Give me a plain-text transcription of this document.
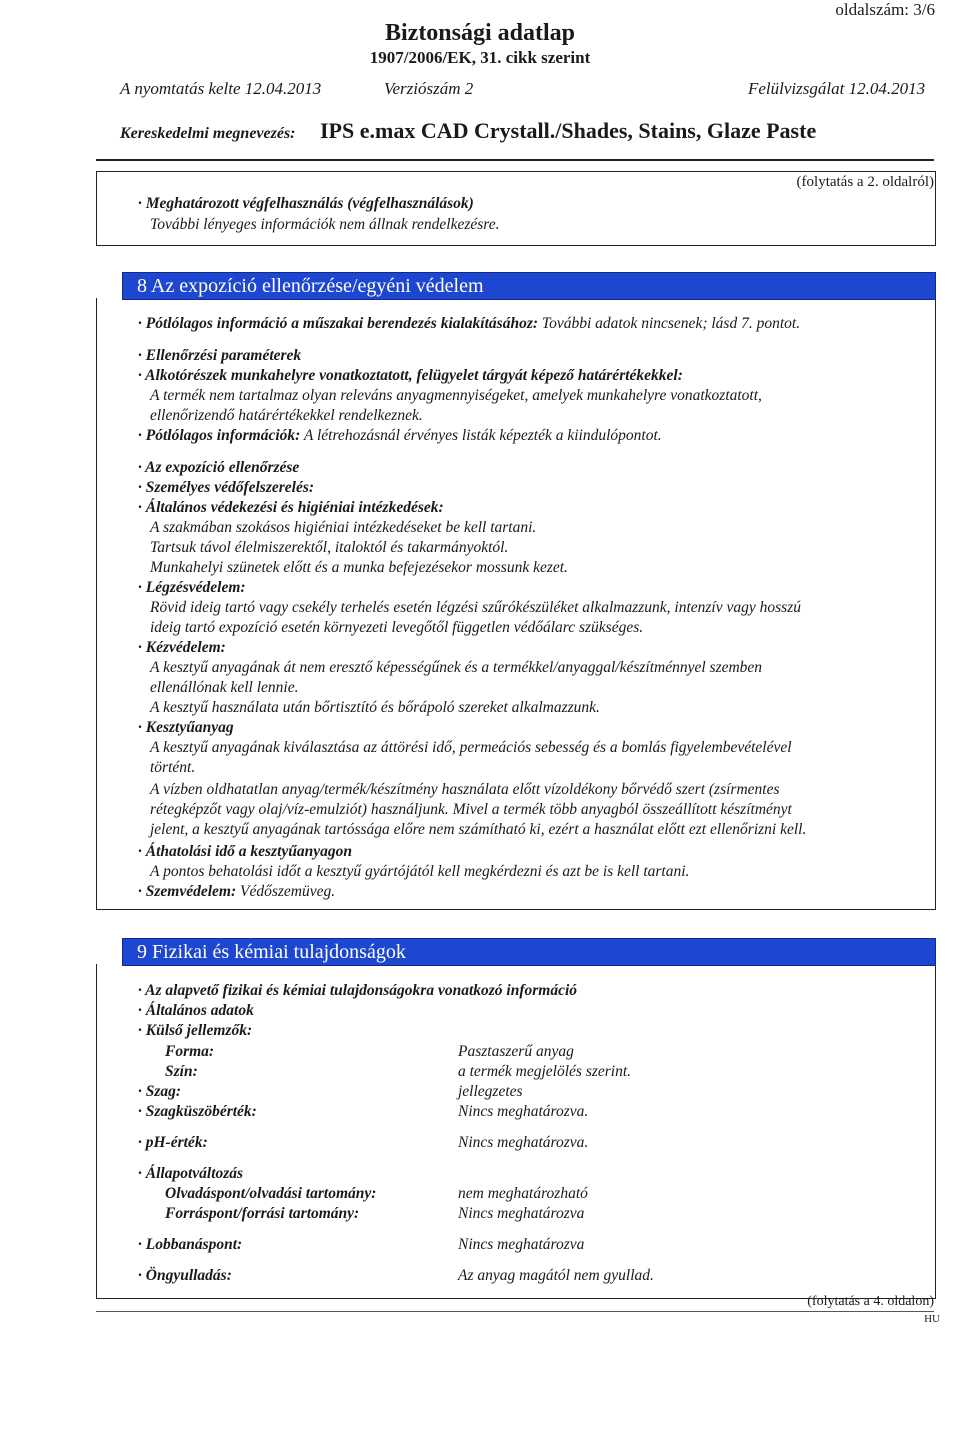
oldalszám: 3/6
Biztonsági adatlap
1907/2006/EK, 31. cikk szerint
A nyomtatás kelte 12.04.2013	Verziószám 2	Felülvizsgálat 12.04.2013
Kereskedelmi megnevezés: IPS e.max CAD Crystall./Shades, Stains, Glaze Paste
(folytatás a 2. oldalról)
· Meghatározott végfelhasználás (végfelhasználások)
További lényeges információk nem állnak rendelkezésre.
8 Az expozíció ellenőrzése/egyéni védelem
· Pótlólagos információ a műszakai berendezés kialakításához: További adatok nincsenek; lásd 7. pontot.
· Ellenőrzési paraméterek
· Alkotórészek munkahelyre vonatkoztatott, felügyelet tárgyát képező határértékekkel:
A termék nem tartalmaz olyan releváns anyagmennyiségeket, amelyek munkahelyre vonatkoztatott,
ellenőrizendő határértékekkel rendelkeznek.
· Pótlólagos információk: A létrehozásnál érvényes listák képezték a kiindulópontot.
· Az expozíció ellenőrzése
· Személyes védőfelszerelés:
· Általános védekezési és higiéniai intézkedések:
A szakmában szokásos higiéniai intézkedéseket be kell tartani.
Tartsuk távol élelmiszerektől, italoktól és takarmányoktól.
Munkahelyi szünetek előtt és a munka befejezésekor mossunk kezet.
· Légzésvédelem:
Rövid ideig tartó vagy csekély terhelés esetén légzési szűrókészüléket alkalmazzunk, intenzív vagy hosszú
ideig tartó expozíció esetén környezeti levegőtől független védőálarc szükséges.
· Kézvédelem:
A kesztyű anyagának át nem eresztő képességűnek és a termékkel/anyaggal/készítménnyel szemben
ellenállónak kell lennie.
A kesztyű használata után bőrtisztító és bőrápoló szereket alkalmazzunk.
· Kesztyűanyag
A kesztyű anyagának kiválasztása az áttörési idő, permeációs sebesség és a bomlás figyelembevételével
történt.
A vízben oldhatatlan anyag/termék/készítmény használata előtt vízoldékony bőrvédő szert (zsírmentes
rétegképzőt vagy olaj/víz-emulziót) használjunk. Mivel a termék több anyagból összeállított készítményt
jelent, a kesztyű anyagának tartóssága előre nem számítható ki, ezért a használat előtt ezt ellenőrizni kell.
· Áthatolási idő a kesztyűanyagon
A pontos behatolási időt a kesztyű gyártójától kell megkérdezni és azt be is kell tartani.
· Szemvédelem: Védőszemüveg.
9 Fizikai és kémiai tulajdonságok
· Az alapvető fizikai és kémiai tulajdonságokra vonatkozó információ
· Általános adatok
· Külső jellemzők:
Forma:	Pasztaszerű anyag
Szín:	a termék megjelölés szerint.
· Szag:	jellegzetes
· Szagküszöbérték:	Nincs meghatározva.
· pH-érték:	Nincs meghatározva.
· Állapotváltozás
Olvadáspont/olvadási tartomány:	nem meghatározható
Forráspont/forrási tartomány:	Nincs meghatározva
· Lobbanáspont:	Nincs meghatározva
· Öngyulladás:	Az anyag magától nem gyullad.
(folytatás a 4. oldalon)
HU
